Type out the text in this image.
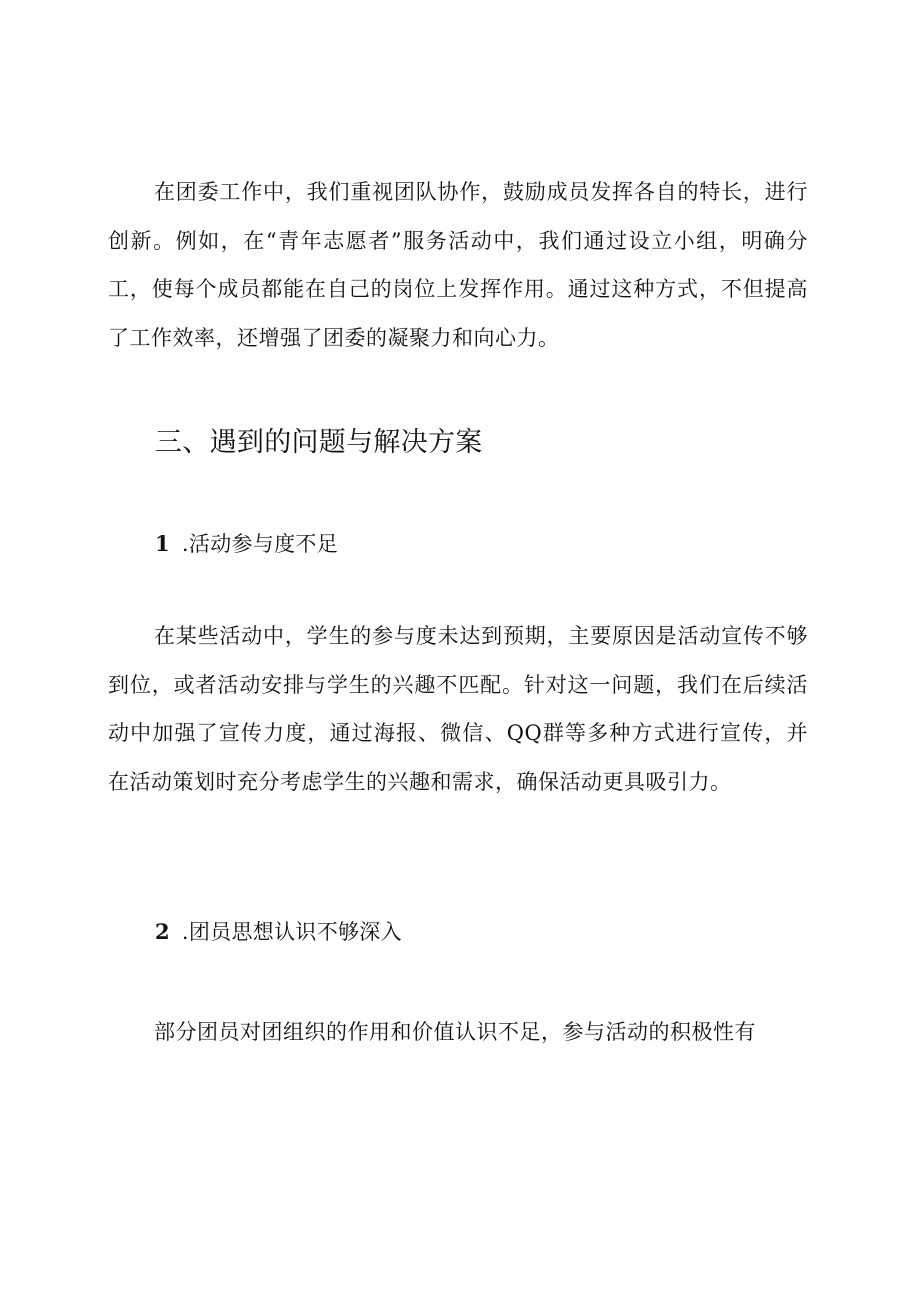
在团委工作中，我们重视团队协作，鼓励成员发挥各自的特长，进行创新。例如，在“青年志愿者”服务活动中，我们通过设立小组，明确分工，使每个成员都能在自己的岗位上发挥作用。通过这种方式，不但提高了工作效率，还增强了团委的凝聚力和向心力。

三、遇到的问题与解决方案
1 .活动参与度不足

在某些活动中，学生的参与度未达到预期，主要原因是活动宣传不够到位，或者活动安排与学生的兴趣不匹配。针对这一问题，我们在后续活动中加强了宣传力度，通过海报、微信、QQ群等多种方式进行宣传，并在活动策划时充分考虑学生的兴趣和需求，确保活动更具吸引力。

2 .团员思想认识不够深入

部分团员对团组织的作用和价值认识不足，参与活动的积极性有
